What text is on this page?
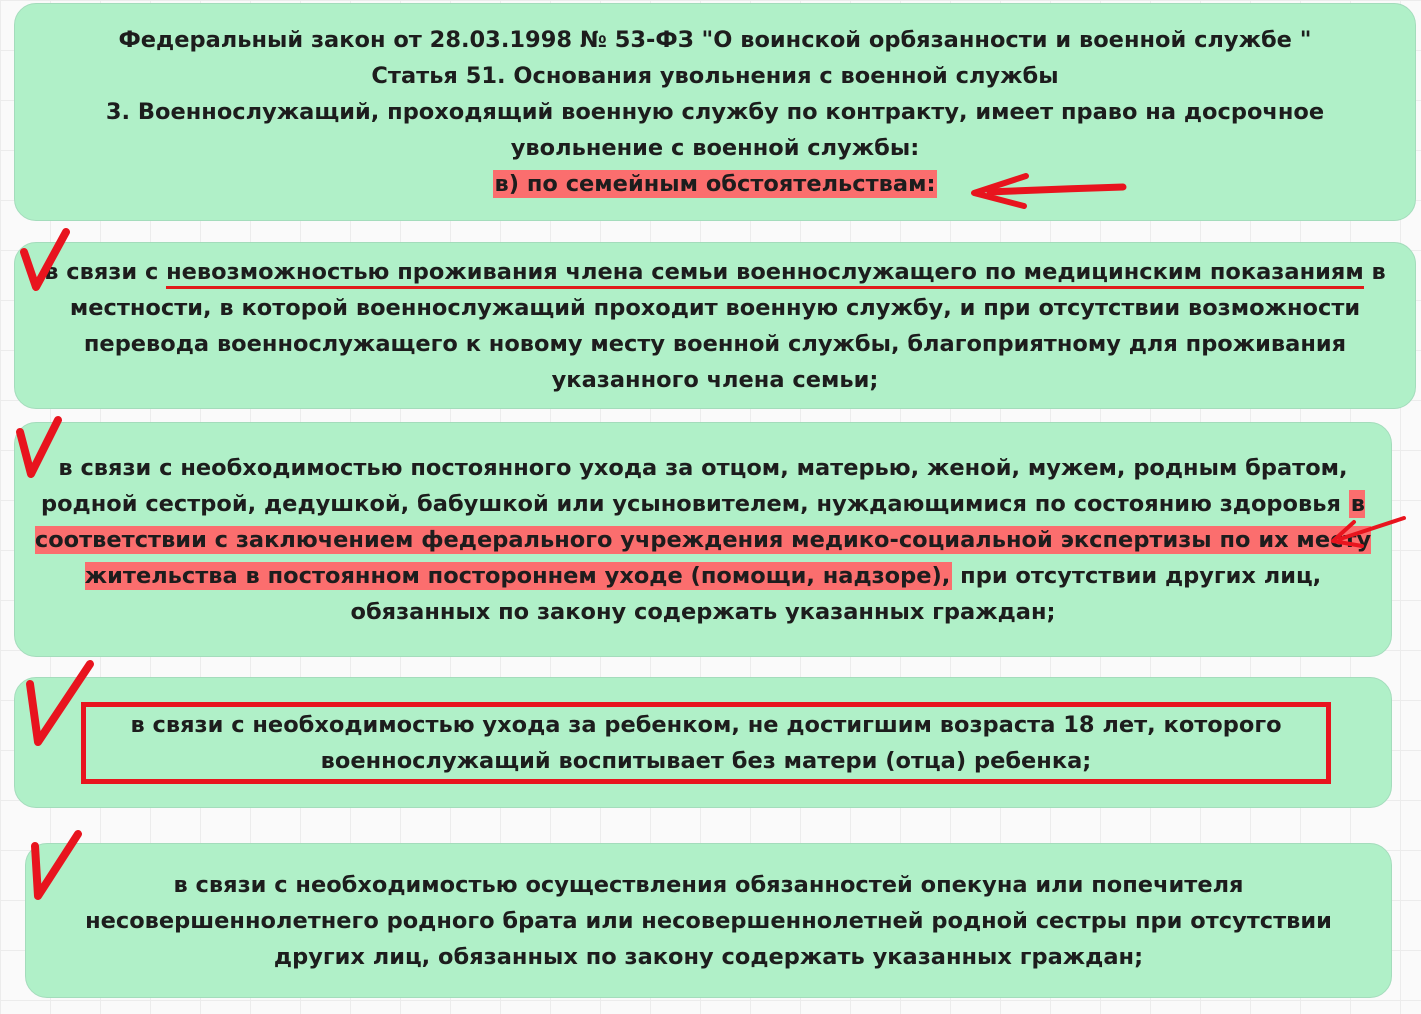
Федеральный закон от 28.03.1998 № 53-ФЗ "О воинской орбязанности и военной службе "
Статья 51. Основания увольнения с военной службы
3. Военнослужащий, проходящий военную службу по контракту, имеет право на досрочное увольнение с военной службы:
в) по семейным обстоятельствам:

в связи с невозможностью проживания члена семьи военнослужащего по медицинским показаниям в местности, в которой военнослужащий проходит военную службу, и при отсутствии возможности перевода военнослужащего к новому месту военной службы, благоприятному для проживания указанного члена семьи;

в связи с необходимостью постоянного ухода за отцом, матерью, женой, мужем, родным братом, родной сестрой, дедушкой, бабушкой или усыновителем, нуждающимися по состоянию здоровья в соответствии с заключением федерального учреждения медико-социальной экспертизы по их месту жительства в постоянном постороннем уходе (помощи, надзоре), при отсутствии других лиц, обязанных по закону содержать указанных граждан;

в связи с необходимостью ухода за ребенком, не достигшим возраста 18 лет, которого военнослужащий воспитывает без матери (отца) ребенка;

в связи с необходимостью осуществления обязанностей опекуна или попечителя несовершеннолетнего родного брата или несовершеннолетней родной сестры при отсутствии других лиц, обязанных по закону содержать указанных граждан;
